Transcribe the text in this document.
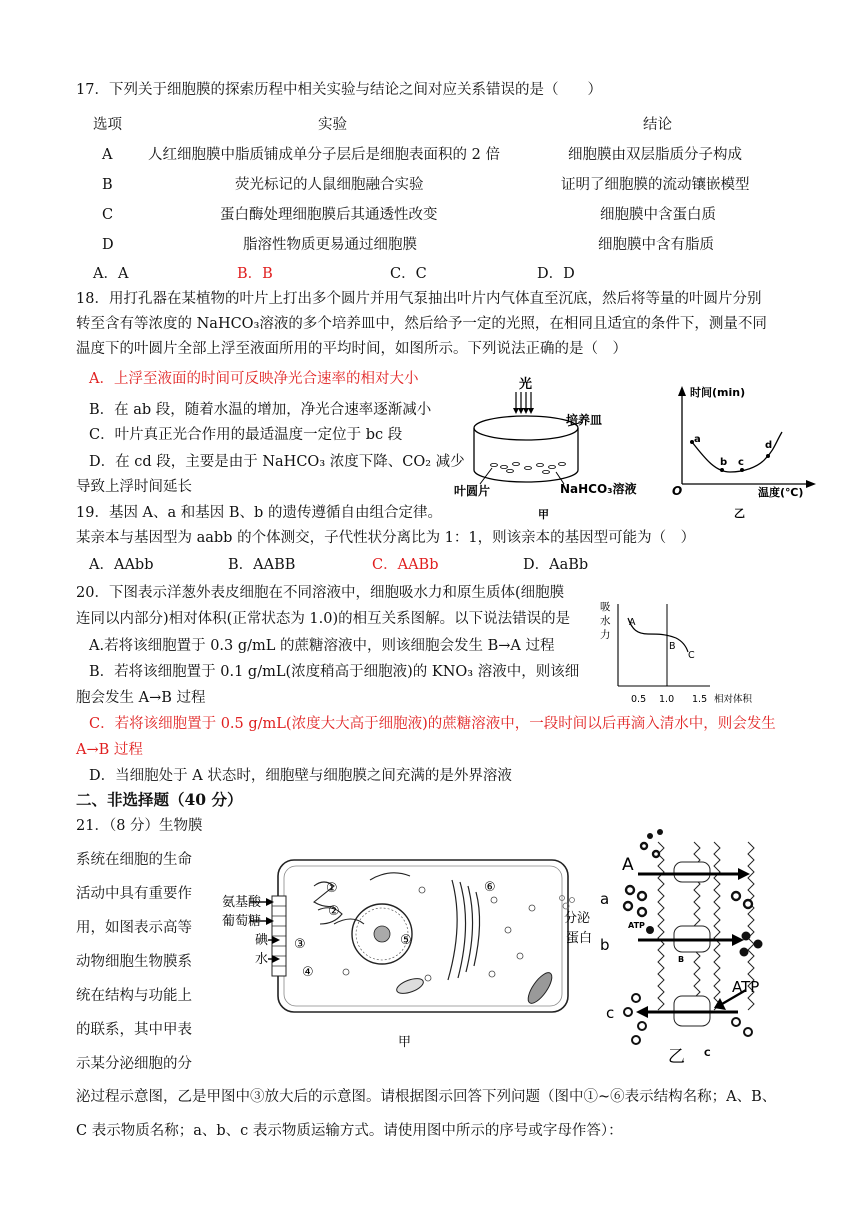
17．下列关于细胞膜的探索历程中相关实验与结论之间对应关系错误的是（　　）
选项	实验	结论
A 人红细胞膜中脂质铺成单分子层后是细胞表面积的 2 倍	细胞膜由双层脂质分子构成
B	荧光标记的人鼠细胞融合实验	证明了细胞膜的流动镶嵌模型
C	蛋白酶处理细胞膜后其通透性改变	细胞膜中含蛋白质
D	脂溶性物质更易通过细胞膜	细胞膜中含有脂质
A．A	B．B	C．C	D．D
18．用打孔器在某植物的叶片上打出多个圆片并用气泵抽出叶片内气体直至沉底，然后将等量的叶圆片分别
转至含有等浓度的 NaHCO₃溶液的多个培养皿中，然后给予一定的光照，在相同且适宜的条件下，测量不同
温度下的叶圆片全部上浮至液面所用的平均时间，如图所示。下列说法正确的是（　）
A．上浮至液面的时间可反映净光合速率的相对大小
B．在 ab 段，随着水温的增加，净光合速率逐渐减小
C．叶片真正光合作用的最适温度一定位于 bc 段
D．在 cd 段，主要是由于 NaHCO₃ 浓度下降、CO₂ 减少
导致上浮时间延长
光
培养皿
叶圆片	NaHCO₃溶液
甲
时间(min)
O	温度(℃)
a
b c
d
乙
19．基因 A、a 和基因 B、b 的遗传遵循自由组合定律。
某亲本与基因型为 aabb 的个体测交，子代性状分离比为 1：1，则该亲本的基因型可能为（　）
A．AAbb	B．AABB	C．AABb	D．AaBb
20．下图表示洋葱外表皮细胞在不同溶液中，细胞吸水力和原生质体(细胞膜
连同以内部分)相对体积(正常状态为 1.0)的相互关系图解。以下说法错误的是
A.若将该细胞置于 0.3 g/mL 的蔗糖溶液中，则该细胞会发生 B→A 过程
B．若将该细胞置于 0.1 g/mL(浓度稍高于细胞液)的 KNO₃ 溶液中，则该细
胞会发生 A→B 过程
C．若将该细胞置于 0.5 g/mL(浓度大大高于细胞液)的蔗糖溶液中，一段时间以后再滴入清水中，则会发生
A→B 过程
D．当细胞处于 A 状态时，细胞壁与细胞膜之间充满的是外界溶液
吸
水
力
A
B
C
0.5 1.0 1.5 相对体积
二、非选择题（40 分）
21．（8 分）生物膜
系统在细胞的生命
活动中具有重要作
用，如图表示高等
动物细胞生物膜系
统在结构与功能上
的联系，其中甲表
示某分泌细胞的分
氨基酸
葡萄糖
碘
水
①
②
③
④
⑤
⑥
分泌
蛋白
甲
A
a
b
ATP
B
ATP
c
C
乙
泌过程示意图，乙是甲图中③放大后的示意图。请根据图示回答下列问题（图中①~⑥表示结构名称；A、B、
C 表示物质名称；a、b、c 表示物质运输方式。请使用图中所示的序号或字母作答）：
